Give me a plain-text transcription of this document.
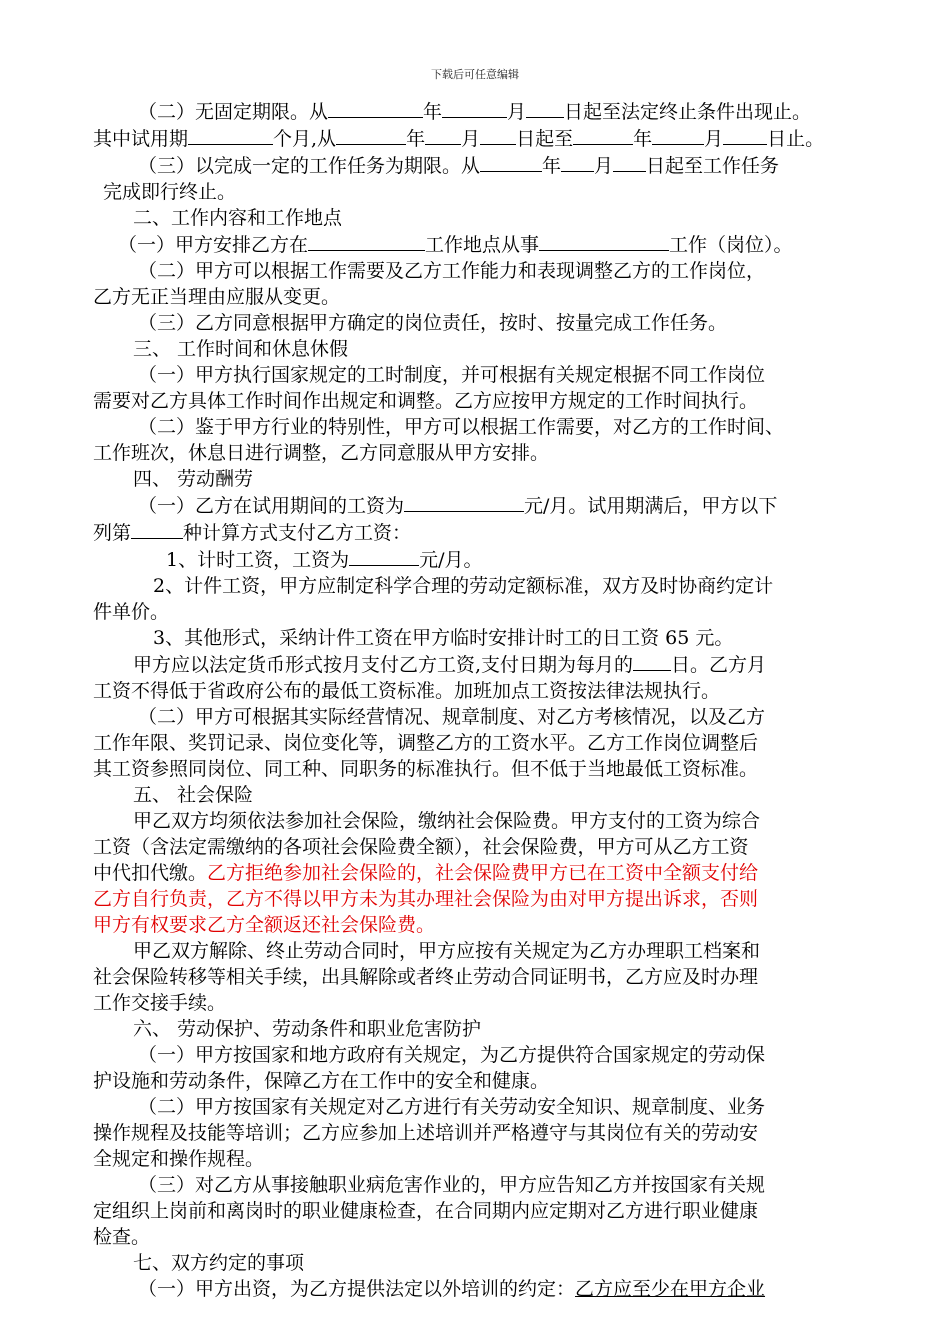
下载后可任意编辑

（二）无固定期限。从	年	月 日起至法定终止条件出现止。

其中试用期	个月,从	年 月 日起至	年	月 日止。

（三）以完成一定的工作任务为期限。从	年 月 日起至工作任务

完成即行终止。

二、工作内容和工作地点

（一）甲方安排乙方在	工作地点从事	工作（岗位）。

（二）甲方可以根据工作需要及乙方工作能力和表现调整乙方的工作岗位，

乙方无正当理由应服从变更。

（三）乙方同意根据甲方确定的岗位责任，按时、按量完成工作任务。

三、 工作时间和休息休假

（一）甲方执行国家规定的工时制度，并可根据有关规定根据不同工作岗位

需要对乙方具体工作时间作出规定和调整。乙方应按甲方规定的工作时间执行。

（二）鉴于甲方行业的特别性，甲方可以根据工作需要，对乙方的工作时间、

工作班次，休息日进行调整，乙方同意服从甲方安排。

四、 劳动酬劳

（一）乙方在试用期间的工资为	元/月。试用期满后，甲方以下

列第	种计算方式支付乙方工资：

1、计时工资，工资为	元/月。

2、计件工资，甲方应制定科学合理的劳动定额标准，双方及时协商约定计

件单价。

3、其他形式，采纳计件工资在甲方临时安排计时工的日工资 65 元。

甲方应以法定货币形式按月支付乙方工资,支付日期为每月的 日。乙方月

工资不得低于省政府公布的最低工资标准。加班加点工资按法律法规执行。

（二）甲方可根据其实际经营情况、规章制度、对乙方考核情况，以及乙方

工作年限、奖罚记录、岗位变化等，调整乙方的工资水平。乙方工作岗位调整后

其工资参照同岗位、同工种、同职务的标准执行。但不低于当地最低工资标准。

五、 社会保险

甲乙双方均须依法参加社会保险，缴纳社会保险费。甲方支付的工资为综合

工资（含法定需缴纳的各项社会保险费全额），社会保险费，甲方可从乙方工资

中代扣代缴。乙方拒绝参加社会保险的，社会保险费甲方已在工资中全额支付给

乙方自行负责，乙方不得以甲方未为其办理社会保险为由对甲方提出诉求，否则

甲方有权要求乙方全额返还社会保险费。

甲乙双方解除、终止劳动合同时，甲方应按有关规定为乙方办理职工档案和

社会保险转移等相关手续，出具解除或者终止劳动合同证明书，乙方应及时办理

工作交接手续。

六、 劳动保护、劳动条件和职业危害防护

（一）甲方按国家和地方政府有关规定，为乙方提供符合国家规定的劳动保

护设施和劳动条件，保障乙方在工作中的安全和健康。

（二）甲方按国家有关规定对乙方进行有关劳动安全知识、规章制度、业务

操作规程及技能等培训；乙方应参加上述培训并严格遵守与其岗位有关的劳动安

全规定和操作规程。

（三）对乙方从事接触职业病危害作业的，甲方应告知乙方并按国家有关规

定组织上岗前和离岗时的职业健康检查，在合同期内应定期对乙方进行职业健康

检查。

七、双方约定的事项

（一）甲方出资，为乙方提供法定以外培训的约定：乙方应至少在甲方企业
